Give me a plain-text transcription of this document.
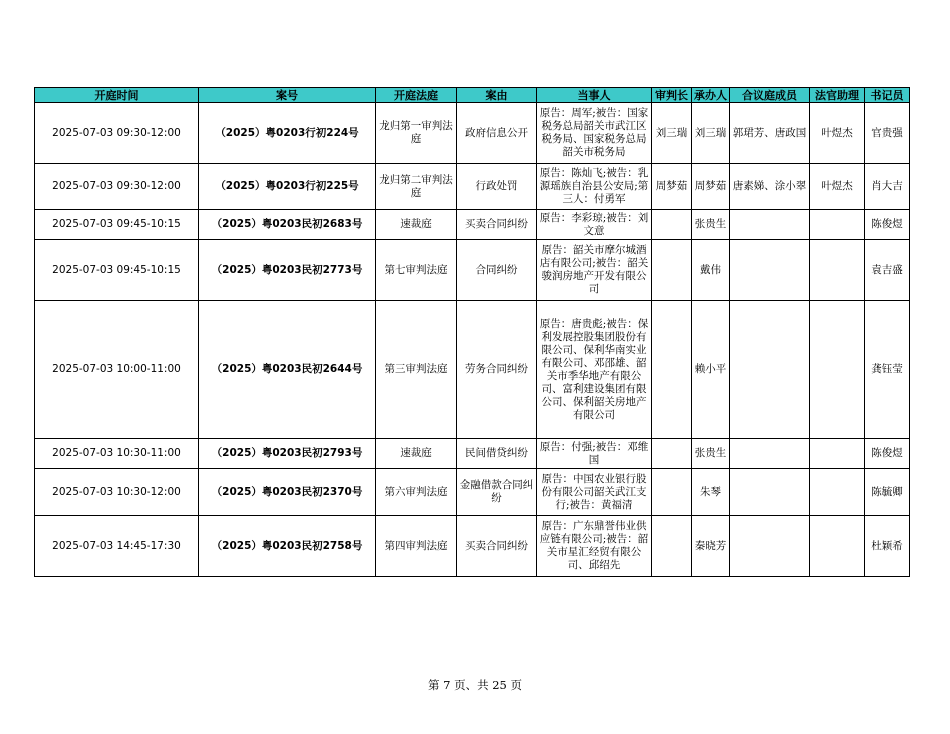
开庭时间	案号	开庭法庭	案由	当事人	审判长	承办人	合议庭成员	法官助理	书记员
2025-07-03 09:30-12:00	（2025）粤0203行初224号	龙归第一审判法庭	政府信息公开	原告：周军;被告：国家税务总局韶关市武江区税务局、国家税务总局韶关市税务局	刘三瑞	刘三瑞	郭珺芳、唐政国	叶煜杰	官贵强
2025-07-03 09:30-12:00	（2025）粤0203行初225号	龙归第二审判法庭	行政处罚	原告：陈灿飞;被告：乳源瑶族自治县公安局;第三人：付勇军	周梦茹	周梦茹	唐素娣、涂小翠	叶煜杰	肖大吉
2025-07-03 09:45-10:15	（2025）粤0203民初2683号	速裁庭	买卖合同纠纷	原告：李彩琼;被告：刘文意		张贵生			陈俊煜
2025-07-03 09:45-10:15	（2025）粤0203民初2773号	第七审判法庭	合同纠纷	原告：韶关市摩尔城酒店有限公司;被告：韶关骏润房地产开发有限公司		戴伟			袁吉盛
2025-07-03 10:00-11:00	（2025）粤0203民初2644号	第三审判法庭	劳务合同纠纷	原告：唐贵彪;被告：保利发展控股集团股份有限公司、保利华南实业有限公司、邓邵雄、韶关市季华地产有限公司、富利建设集团有限公司、保利韶关房地产有限公司		赖小平			龚钰莹
2025-07-03 10:30-11:00	（2025）粤0203民初2793号	速裁庭	民间借贷纠纷	原告：付强;被告：邓维国		张贵生			陈俊煜
2025-07-03 10:30-12:00	（2025）粤0203民初2370号	第六审判法庭	金融借款合同纠纷	原告：中国农业银行股份有限公司韶关武江支行;被告：黄福清		朱琴			陈毓卿
2025-07-03 14:45-17:30	（2025）粤0203民初2758号	第四审判法庭	买卖合同纠纷	原告：广东鼎誉伟业供应链有限公司;被告：韶关市星汇经贸有限公司、邱绍先		秦晓芳			杜颖希
第 7 页、共 25 页
